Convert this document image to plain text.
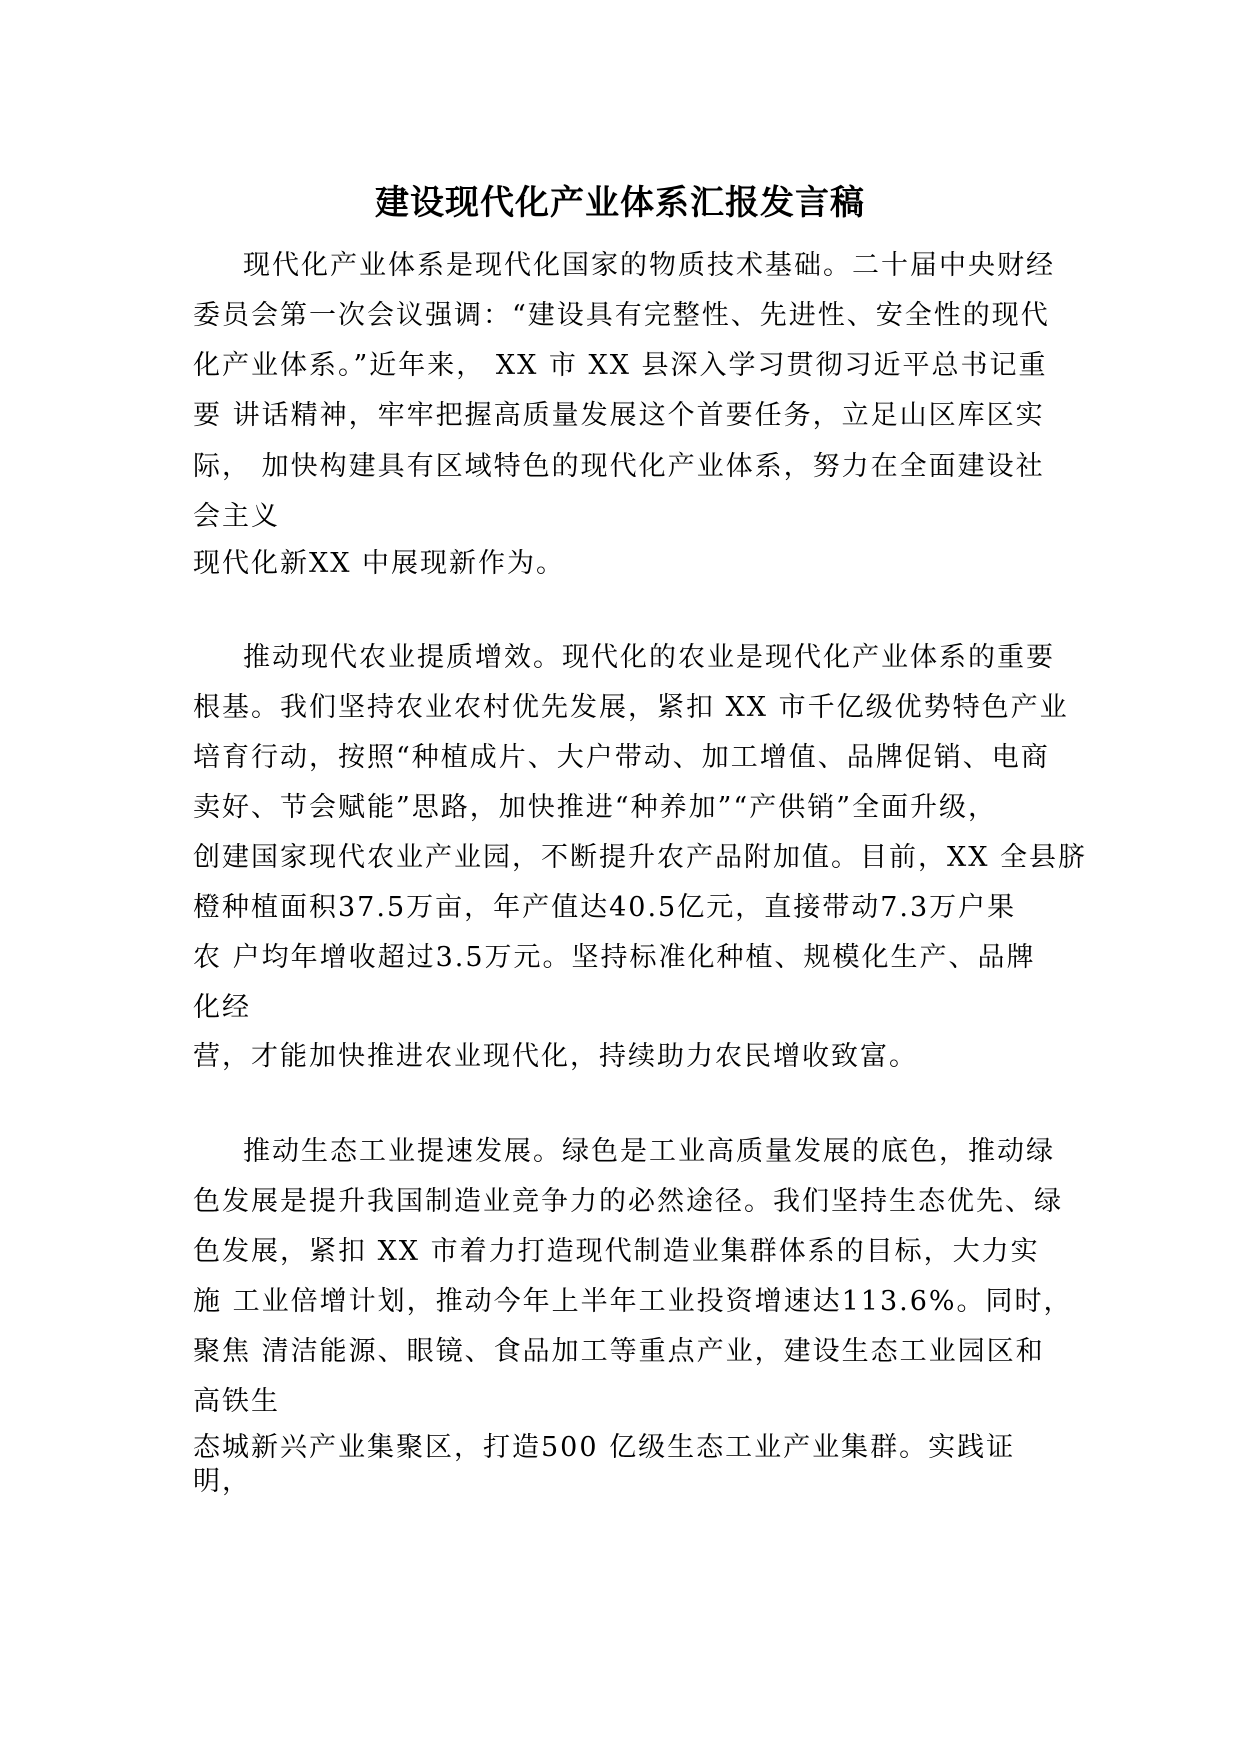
建设现代化产业体系汇报发言稿
现代化产业体系是现代化国家的物质技术基础。二十届中央财经
委员会第一次会议强调：“建设具有完整性、先进性、安全性的现代
化产业体系。”近年来， XX 市 XX 县深入学习贯彻习近平总书记重
要 讲话精神，牢牢把握高质量发展这个首要任务，立足山区库区实
际， 加快构建具有区域特色的现代化产业体系，努力在全面建设社
会主义
现代化新XX 中展现新作为。
推动现代农业提质增效。现代化的农业是现代化产业体系的重要
根基。我们坚持农业农村优先发展，紧扣 XX 市千亿级优势特色产业
培育行动，按照“种植成片、大户带动、加工增值、品牌促销、电商
卖好、节会赋能”思路，加快推进“种养加”“产供销”全面升级，
创建国家现代农业产业园，不断提升农产品附加值。目前，XX 全县脐
橙种植面积37.5万亩，年产值达40.5亿元，直接带动7.3万户果
农 户均年增收超过3.5万元。坚持标准化种植、规模化生产、品牌
化经
营，才能加快推进农业现代化，持续助力农民增收致富。
推动生态工业提速发展。绿色是工业高质量发展的底色，推动绿
色发展是提升我国制造业竞争力的必然途径。我们坚持生态优先、绿
色发展，紧扣 XX 市着力打造现代制造业集群体系的目标，大力实
施 工业倍增计划，推动今年上半年工业投资增速达113.6%。同时，
聚焦 清洁能源、眼镜、食品加工等重点产业，建设生态工业园区和
高铁生
态城新兴产业集聚区，打造500 亿级生态工业产业集群。实践证
明，
